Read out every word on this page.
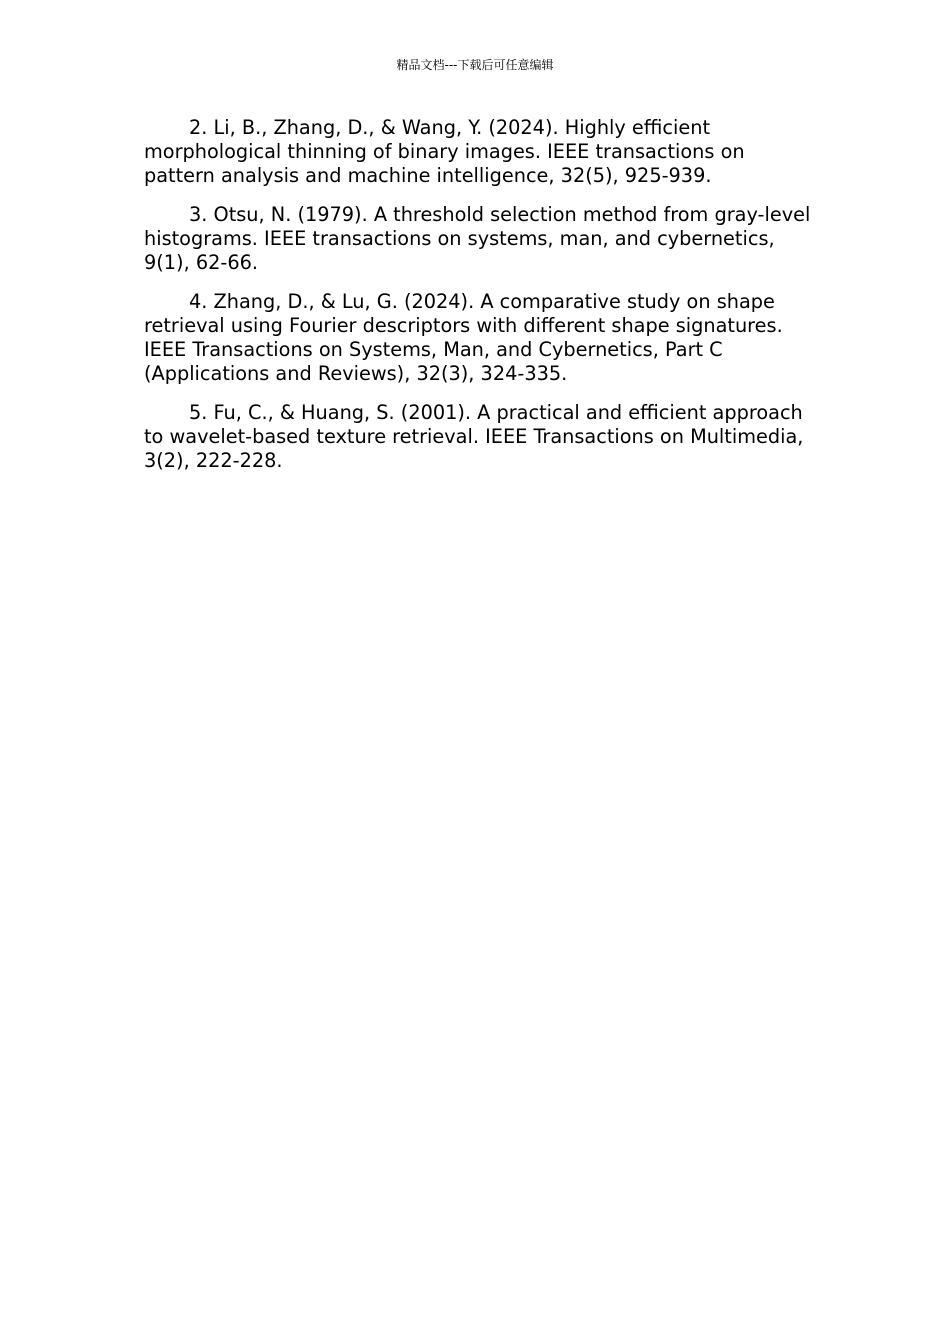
精品文档---下载后可任意编辑

2. Li, B., Zhang, D., & Wang, Y. (2024). Highly efficient morphological thinning of binary images. IEEE transactions on pattern analysis and machine intelligence, 32(5), 925-939.

3. Otsu, N. (1979). A threshold selection method from gray-level histograms. IEEE transactions on systems, man, and cybernetics, 9(1), 62-66.

4. Zhang, D., & Lu, G. (2024). A comparative study on shape retrieval using Fourier descriptors with different shape signatures. IEEE Transactions on Systems, Man, and Cybernetics, Part C (Applications and Reviews), 32(3), 324-335.

5. Fu, C., & Huang, S. (2001). A practical and efficient approach to wavelet-based texture retrieval. IEEE Transactions on Multimedia, 3(2), 222-228.
